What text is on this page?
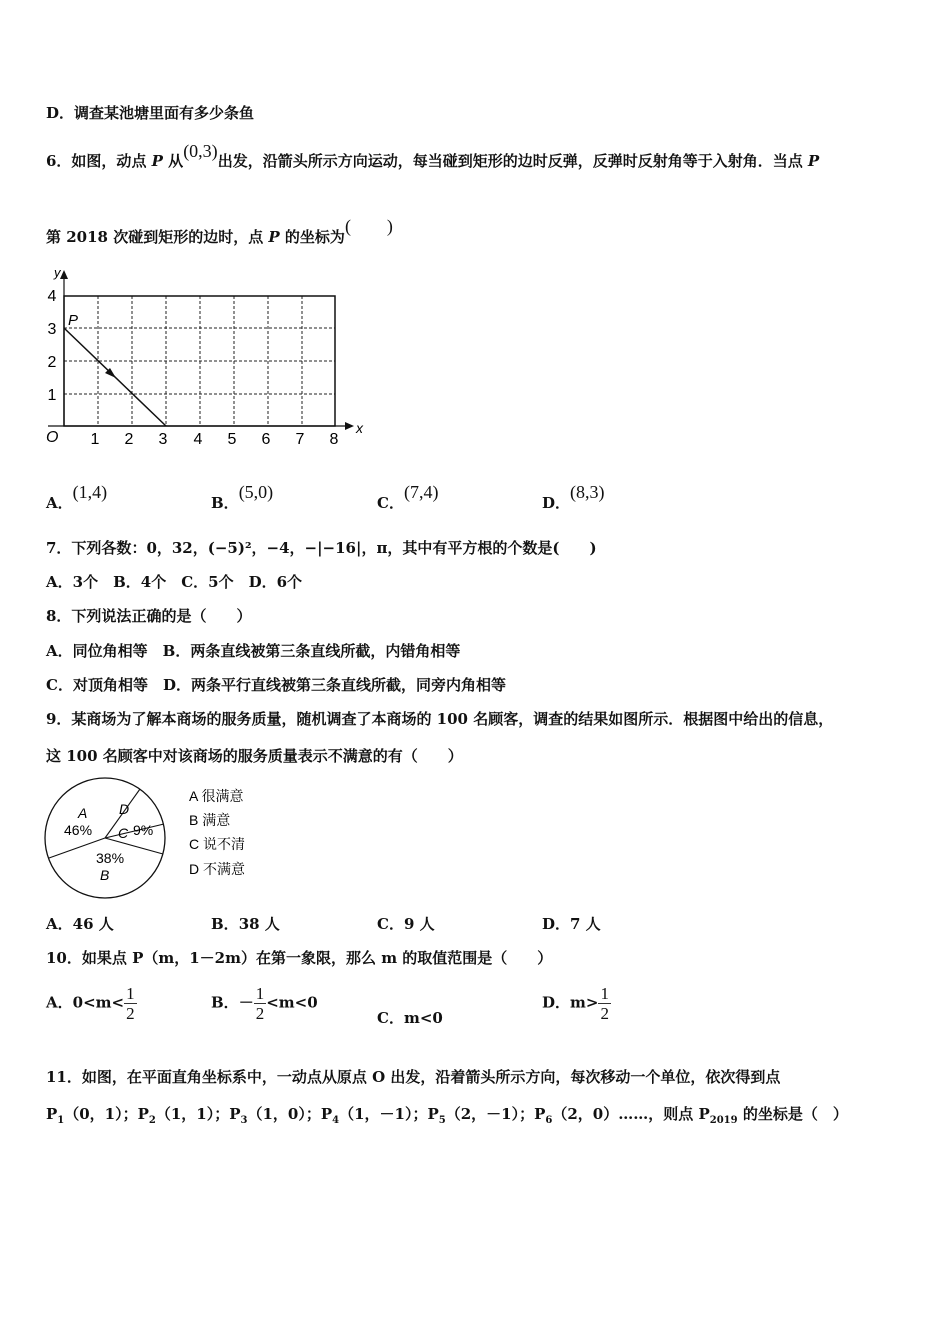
D．调查某池塘里面有多少条鱼
6．如图，动点 P 从(0,3)出发，沿箭头所示方向运动，每当碰到矩形的边时反弹，反弹时反射角等于入射角．当点 P
第 2018 次碰到矩形的边时，点 P 的坐标为(　　)
y
x
O
P
4
3
2
1
1 2 3 4 5 6 7 8
A．(1,4)
B．(5,0)
C．(7,4)
D．(8,3)
7．下列各数：0，32，(−5)²，−4，−|−16|，π，其中有平方根的个数是(　　)
A．3个　B．4个　C．5个　D．6个
8．下列说法正确的是（　　）
A．同位角相等　B．两条直线被第三条直线所截，内错角相等
C．对顶角相等　D．两条平行直线被第三条直线所截，同旁内角相等
9．某商场为了解本商场的服务质量，随机调查了本商场的 100 名顾客，调查的结果如图所示．根据图中给出的信息，
这 100 名顾客中对该商场的服务质量表示不满意的有（　　）
A D
C
B
46%	9%
38%
A 很满意
B 满意
C 说不清
D 不满意
A．46 人	B．38 人	C．9 人	D．7 人
10．如果点 P（m，1－2m）在第一象限，那么 m 的取值范围是（　　）
A．$0<m< \frac{1}{2}$	B．－ $\frac{1}{2} <m<0$
C．m<0
D．$m> \frac{1}{2}$
11．如图，在平面直角坐标系中，一动点从原点 O 出发，沿着箭头所示方向，每次移动一个单位，依次得到点
$P_1(0$，1）；$P_2(1$，1）；$P_3(1$，0）；$P_4(1$，－1）；$P_5(2$，－1）；$P_6(2$，0）……，则点 $P_{2019}$ 的坐标是（　）
